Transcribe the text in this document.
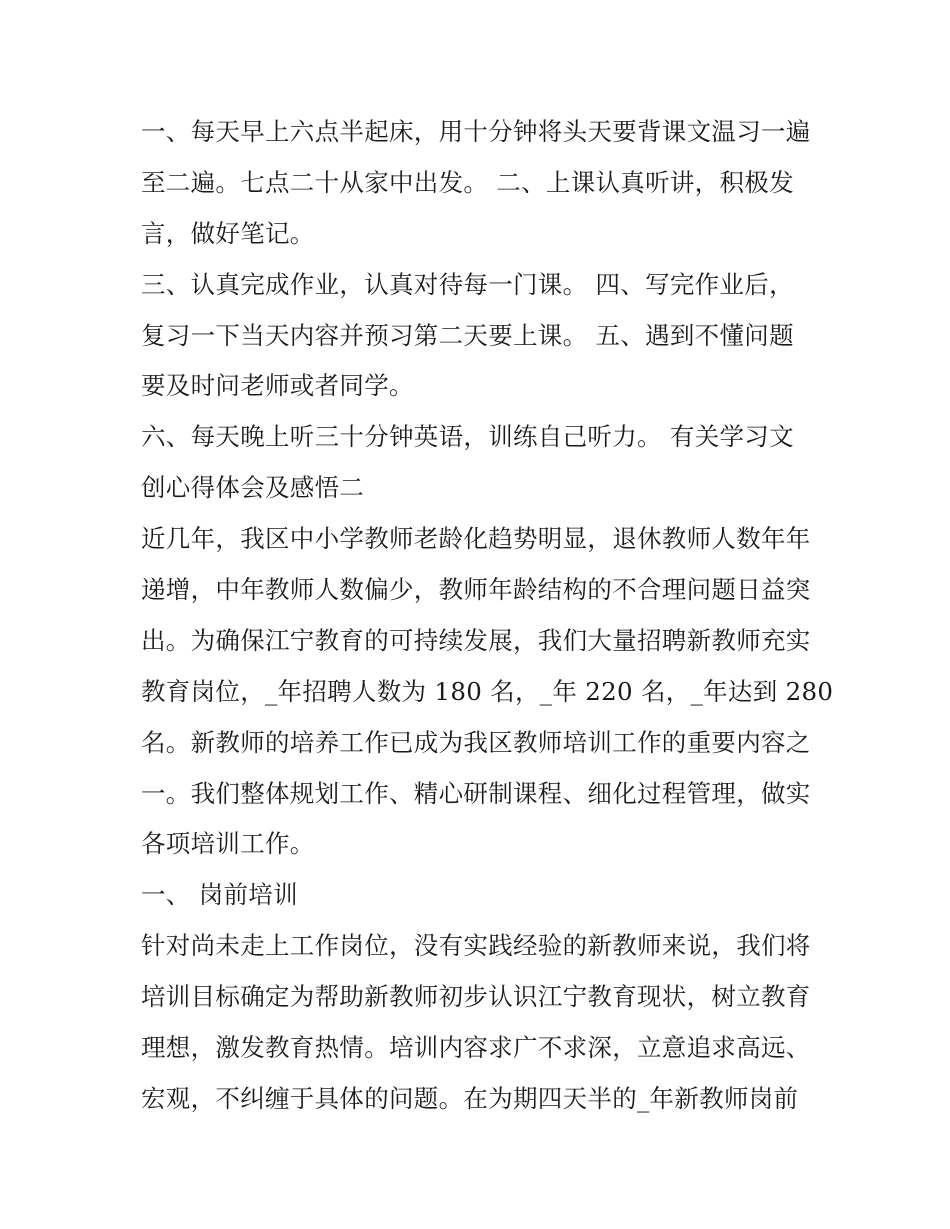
一、每天早上六点半起床，用十分钟将头天要背课文温习一遍
至二遍。七点二十从家中出发。 二、上课认真听讲，积极发
言，做好笔记。
三、认真完成作业，认真对待每一门课。 四、写完作业后，
复习一下当天内容并预习第二天要上课。 五、遇到不懂问题
要及时问老师或者同学。
六、每天晚上听三十分钟英语，训练自己听力。 有关学习文
创心得体会及感悟二
近几年，我区中小学教师老龄化趋势明显，退休教师人数年年
递增，中年教师人数偏少，教师年龄结构的不合理问题日益突
出。为确保江宁教育的可持续发展，我们大量招聘新教师充实
教育岗位，_年招聘人数为 180 名，_年 220 名，_年达到 280
名。新教师的培养工作已成为我区教师培训工作的重要内容之
一。我们整体规划工作、精心研制课程、细化过程管理，做实
各项培训工作。
一、 岗前培训
针对尚未走上工作岗位，没有实践经验的新教师来说，我们将
培训目标确定为帮助新教师初步认识江宁教育现状，树立教育
理想，激发教育热情。培训内容求广不求深，立意追求高远、
宏观，不纠缠于具体的问题。在为期四天半的_年新教师岗前
